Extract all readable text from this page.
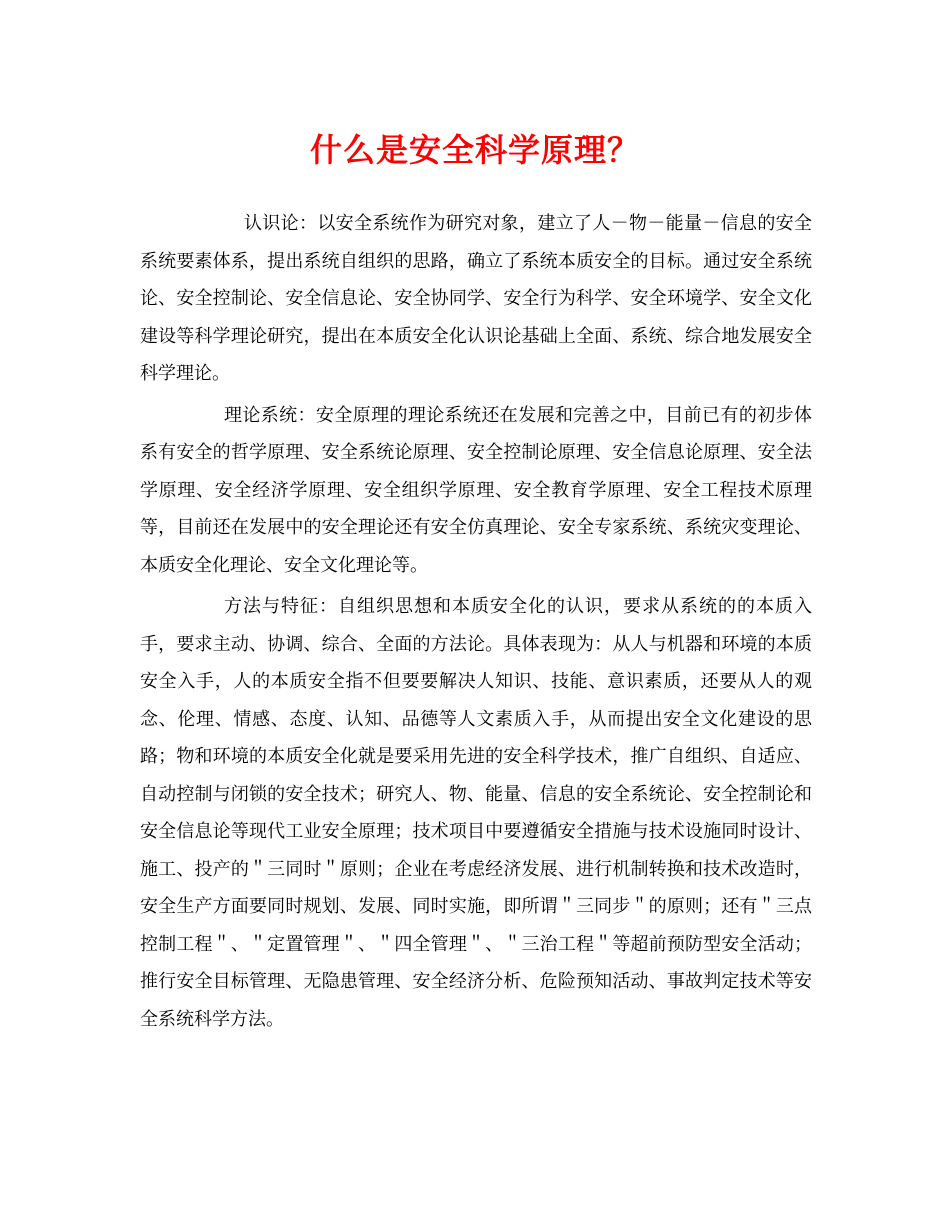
什么是安全科学原理？

认识论：以安全系统作为研究对象，建立了人－物－能量－信息的安全系统要素体系，提出系统自组织的思路，确立了系统本质安全的目标。通过安全系统论、安全控制论、安全信息论、安全协同学、安全行为科学、安全环境学、安全文化建设等科学理论研究，提出在本质安全化认识论基础上全面、系统、综合地发展安全科学理论。

理论系统：安全原理的理论系统还在发展和完善之中，目前已有的初步体系有安全的哲学原理、安全系统论原理、安全控制论原理、安全信息论原理、安全法学原理、安全经济学原理、安全组织学原理、安全教育学原理、安全工程技术原理等，目前还在发展中的安全理论还有安全仿真理论、安全专家系统、系统灾变理论、本质安全化理论、安全文化理论等。

方法与特征：自组织思想和本质安全化的认识，要求从系统的的本质入手，要求主动、协调、综合、全面的方法论。具体表现为：从人与机器和环境的本质安全入手，人的本质安全指不但要要解决人知识、技能、意识素质，还要从人的观念、伦理、情感、态度、认知、品德等人文素质入手，从而提出安全文化建设的思路；物和环境的本质安全化就是要采用先进的安全科学技术，推广自组织、自适应、自动控制与闭锁的安全技术；研究人、物、能量、信息的安全系统论、安全控制论和安全信息论等现代工业安全原理；技术项目中要遵循安全措施与技术设施同时设计、施工、投产的＂三同时＂原则；企业在考虑经济发展、进行机制转换和技术改造时，安全生产方面要同时规划、发展、同时实施，即所谓＂三同步＂的原则；还有＂三点控制工程＂、＂定置管理＂、＂四全管理＂、＂三治工程＂等超前预防型安全活动；推行安全目标管理、无隐患管理、安全经济分析、危险预知活动、事故判定技术等安全系统科学方法。
